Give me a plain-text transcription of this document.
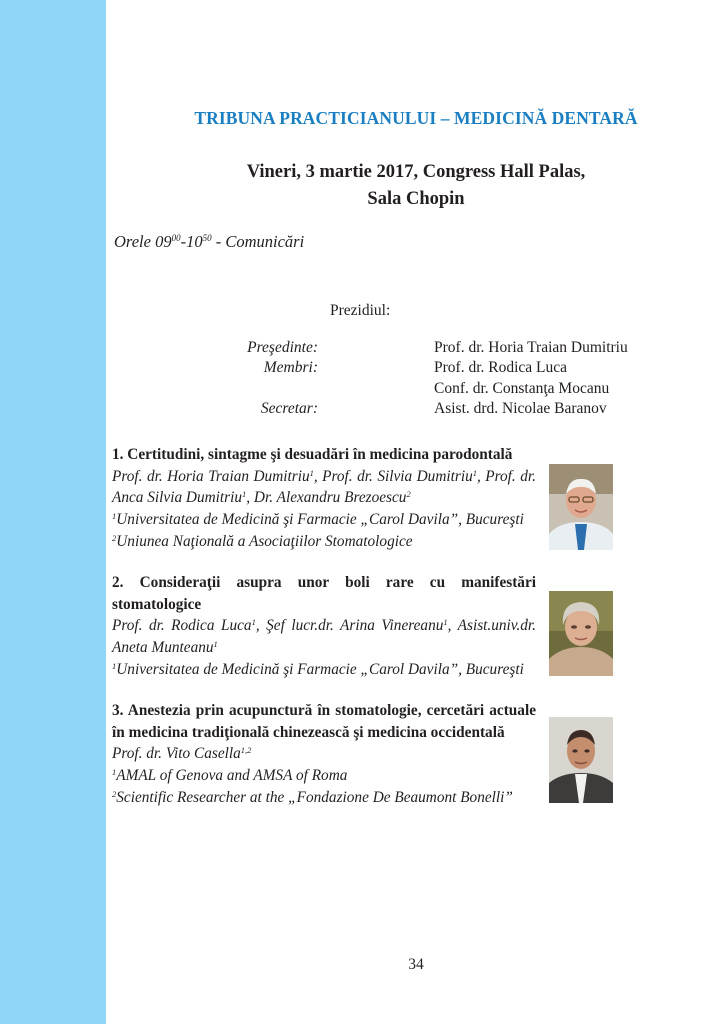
TRIBUNA PRACTICIANULUI – MEDICINĂ DENTARĂ
Vineri, 3 martie 2017, Congress Hall Palas,
Sala Chopin
Orele $09^{00}-10^{50}$ - Comunicări
Prezidiul:
Preşedinte:	Prof. dr. Horia Traian Dumitriu
Membri:	Prof. dr. Rodica Luca
Conf. dr. Constanţa Mocanu
Secretar:	Asist. drd. Nicolae Baranov
1. Certitudini, sintagme şi desuadări în medicina parodontală
Prof. dr. Horia Traian Dumitriu$^1$, Prof. dr. Silvia Dumitriu$^1$, Prof. dr. Anca Silvia Dumitriu$^1$, Dr. Alexandru Brezoescu$^2$
$^1$Universitatea de Medicină şi Farmacie „Carol Davila”, Bucureşti
$^2$Uniunea Naţională a Asociaţiilor Stomatologice
2. Consideraţii asupra unor boli rare cu manifestări stomatologice
Prof. dr. Rodica Luca$^1$, Şef lucr.dr. Arina Vinereanu$^1$, Asist.univ.dr. Aneta Munteanu$^1$
$^1$Universitatea de Medicină şi Farmacie „Carol Davila”, Bucureşti
3. Anestezia prin acupunctură în stomatologie, cercetări actuale în medicina tradiţională chinezească şi medicina occidentală
Prof. dr. Vito Casella$^{1,2}$
$^1$AMAL of Genova and AMSA of Roma
$^2$Scientific Researcher at the „Fondazione De Beaumont Bonelli”
34
